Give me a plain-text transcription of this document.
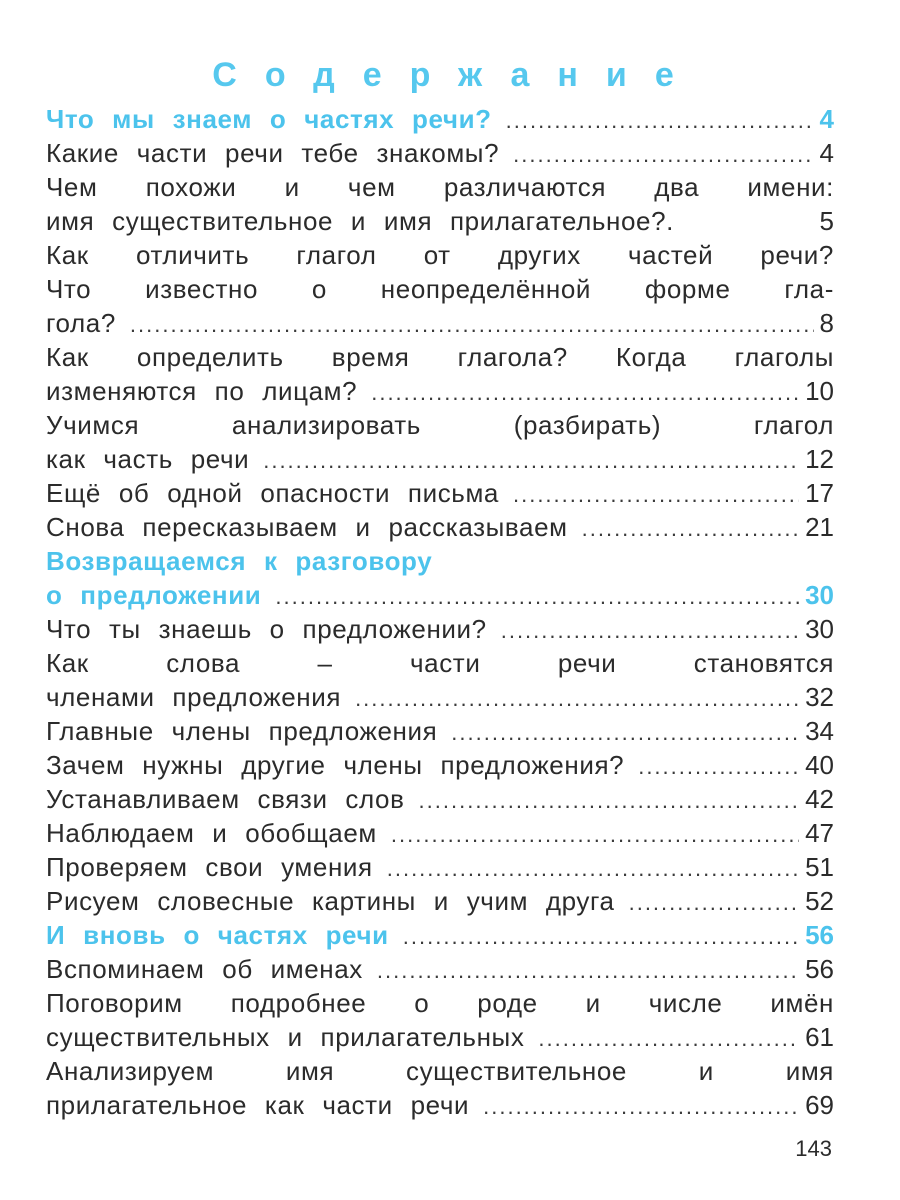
Содержание
Что мы знаем о частях речи? .....	4
Какие части речи тебе знакомы? .....	4
Чем похожи и чем различаются два имени:
имя существительное и имя прилагательное?.	5
Как отличить глагол от других частей речи?
Что известно о неопределённой форме гла-
гола? .....	8
Как определить время глагола? Когда глаголы
изменяются по лицам? .....	10
Учимся анализировать (разбирать) глагол
как часть речи .....	12
Ещё об одной опасности письма .....	17
Снова пересказываем и рассказываем .....	21
Возвращаемся к разговору
о предложении .....	30
Что ты знаешь о предложении? .....	30
Как слова – части речи становятся
членами предложения .....	32
Главные члены предложения .....	34
Зачем нужны другие члены предложения? .....	40
Устанавливаем связи слов .....	42
Наблюдаем и обобщаем .....	47
Проверяем свои умения .....	51
Рисуем словесные картины и учим друга .....	52
И вновь о частях речи .....	56
Вспоминаем об именах .....	56
Поговорим подробнее о роде и числе имён
существительных и прилагательных .....	61
Анализируем имя существительное и имя
прилагательное как части речи .....	69
143
